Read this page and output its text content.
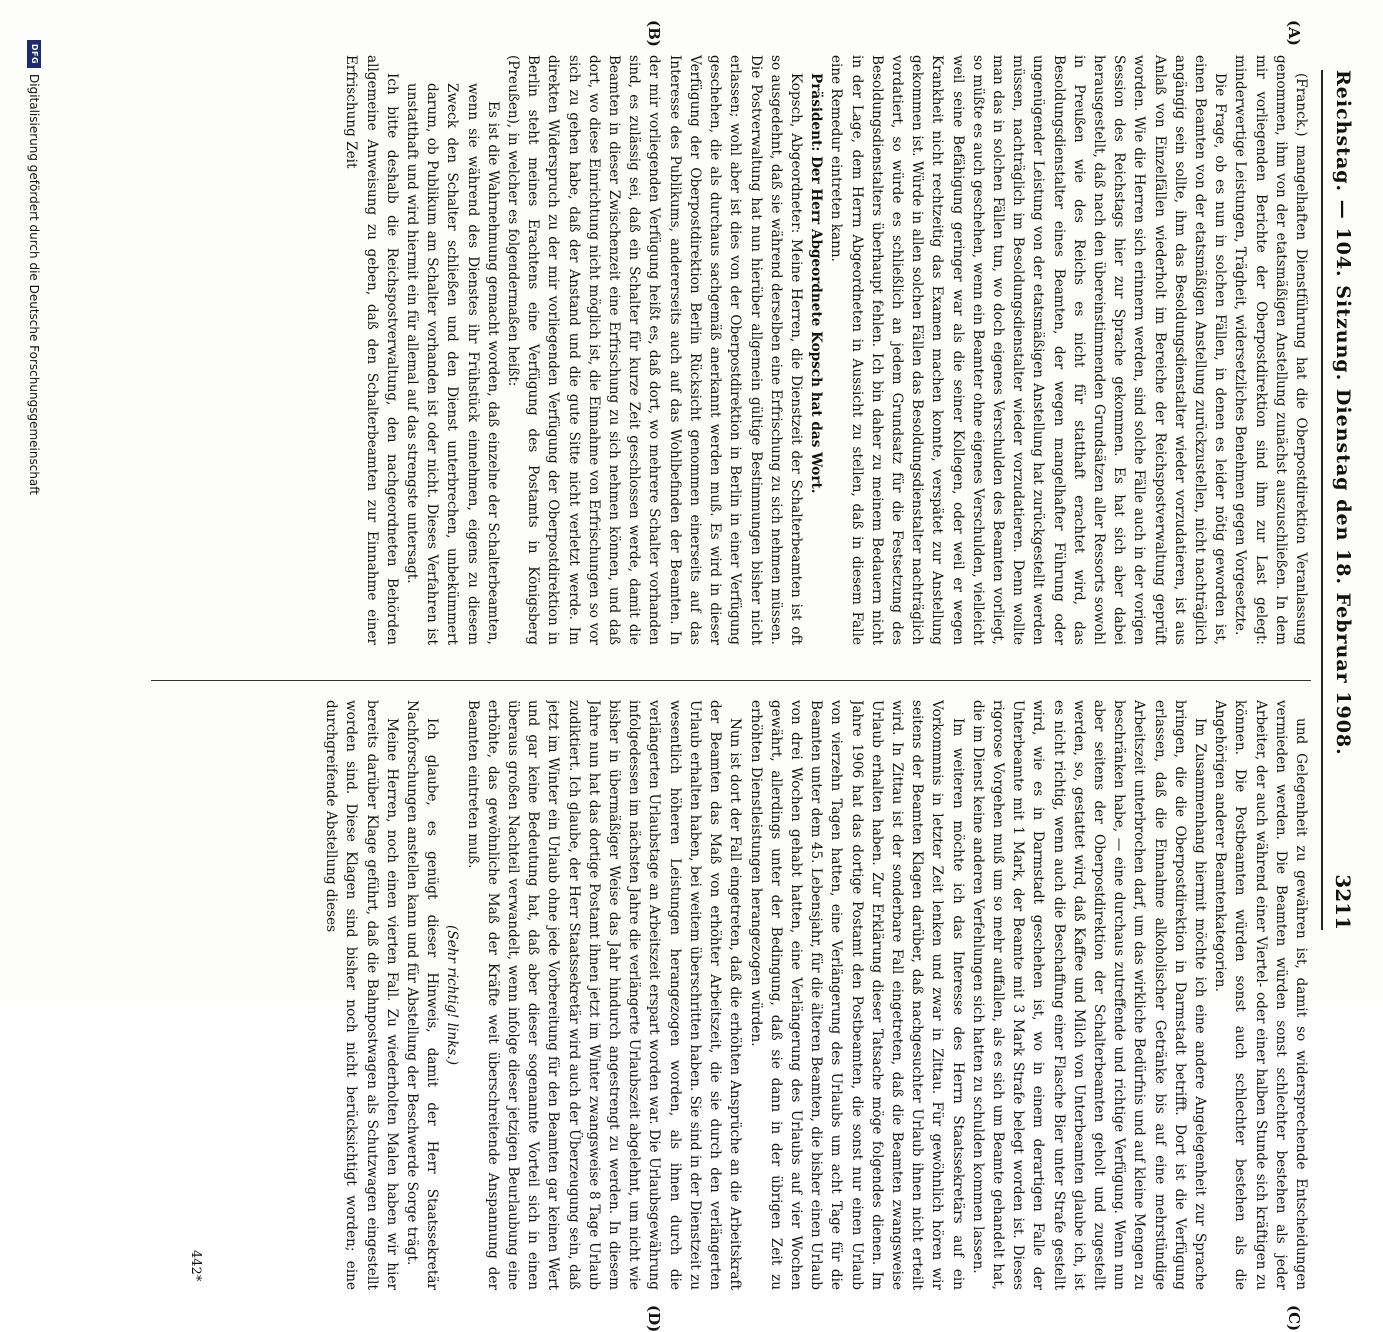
Reichstag. — 104. Sitzung. Dienstag den 18. Februar 1908.
3211
(A)
(B)
(C)
(D)

(Franck.) mangelhaften Dienstführung hat die Oberpostdirektion Veranlassung genommen, ihm von der etatsmäßigen Anstellung zunächst auszuschließen. In dem mir vorliegenden Berichte der Oberpostdirektion sind ihm zur Last gelegt: minderwertige Leistungen, Trägheit, widersetzliches Benehmen gegen Vorgesetzte.

Die Frage, ob es nun in solchen Fällen, in denen es leider nötig geworden ist, einen Beamten von der etatsmäßigen Anstellung zurückzustellen, nicht nachträglich angängig sein sollte, ihm das Besoldungsdienstalter wieder vorzudatieren, ist aus Anlaß von Einzelfällen wiederholt im Bereiche der Reichspostverwaltung geprüft worden. Wie die Herren sich erinnern werden, sind solche Fälle auch in der vorigen Session des Reichstags hier zur Sprache gekommen. Es hat sich aber dabei herausgestellt, daß nach den übereinstimmenden Grundsätzen aller Ressorts sowohl in Preußen wie des Reichs es nicht für statthaft erachtet wird, das Besoldungsdienstalter eines Beamten, der wegen mangelhafter Führung oder ungenügender Leistung von der etatsmäßigen Anstellung hat zurückgestellt werden müssen, nachträglich im Besoldungsdienstalter wieder vorzudatieren. Denn wollte man das in solchen Fällen tun, wo doch eigenes Verschulden des Beamten vorliegt, so müßte es auch geschehen, wenn ein Beamter ohne eigenes Verschulden, vielleicht weil seine Befähigung geringer war als die seiner Kollegen, oder weil er wegen Krankheit nicht rechtzeitig das Examen machen konnte, verspätet zur Anstellung gekommen ist. Würde in allen solchen Fällen das Besoldungsdienstalter nachträglich vordatiert, so würde es schließlich an jedem Grundsatz für die Festsetzung des Besoldungsdienstalters überhaupt fehlen. Ich bin daher zu meinem Bedauern nicht in der Lage, dem Herrn Abgeordneten in Aussicht zu stellen, daß in diesem Falle eine Remedur eintreten kann.

Präsident: Der Herr Abgeordnete Kopsch hat das Wort.

Kopsch, Abgeordneter: Meine Herren, die Dienstzeit der Schalterbeamten ist oft so ausgedehnt, daß sie während derselben eine Erfrischung zu sich nehmen müssen. Die Postverwaltung hat nun hierüber allgemein gültige Bestimmungen bisher nicht erlassen; wohl aber ist dies von der Oberpostdirektion in Berlin in einer Verfügung geschehen, die als durchaus sachgemäß anerkannt werden muß. Es wird in dieser Verfügung der Oberpostdirektion Berlin Rücksicht genommen einerseits auf das Interesse des Publikums, andererseits auch auf das Wohlbefinden der Beamten. In der mir vorliegenden Verfügung heißt es, daß dort, wo mehrere Schalter vorhanden sind, es zulässig sei, daß ein Schalter für kurze Zeit geschlossen werde, damit die Beamten in dieser Zwischenzeit eine Erfrischung zu sich nehmen können, und daß dort, wo diese Einrichtung nicht möglich ist, die Einnahme von Erfrischungen so vor sich zu gehen habe, daß der Anstand und die gute Sitte nicht verletzt werde. Im direkten Widerspruch zu der mir vorliegenden Verfügung der Oberpostdirektion in Berlin steht meines Erachtens eine Verfügung des Postamts in Königsberg (Preußen), in welcher es folgendermaßen heißt:

Es ist die Wahrnehmung gemacht worden, daß einzelne der Schalterbeamten, wenn sie während des Dienstes ihr Frühstück einnehmen, eigens zu diesem Zweck den Schalter schließen und den Dienst unterbrechen, unbekümmert darum, ob Publikum am Schalter vorhanden ist oder nicht. Dieses Verfahren ist unstatthaft und wird hiermit ein für allemal auf das strengste untersagt.

Ich bitte deshalb die Reichspostverwaltung, den nachgeordneten Behörden allgemeine Anweisung zu geben, daß den Schalterbeamten zur Einnahme einer Erfrischung Zeit

und Gelegenheit zu gewähren ist, damit so widersprechende Entscheidungen vermieden werden. Die Beamten würden sonst schlechter bestehen als jeder Arbeiter, der auch während einer Viertel- oder einer halben Stunde sich kräftigen zu können. Die Postbeamten würden sonst auch schlechter bestehen als die Angehörigen anderer Beamtenkategorien.

Im Zusammenhang hiermit möchte ich eine andere Angelegenheit zur Sprache bringen, die die Oberpostdirektion in Darmstadt betrifft. Dort ist die Verfügung erlassen, daß die Einnahme alkoholischer Getränke bis auf eine mehrstündige Arbeitszeit unterbrochen darf, um das wirkliche Bedürfnis und auf kleine Mengen zu beschränken habe, — eine durchaus zutreffende und richtige Verfügung. Wenn nun aber seitens der Oberpostdirektion der Schalterbeamten geholt und zugestellt werden, so, gestattet wird, daß Kaffee und Milch von Unterbeamten glaube ich, ist es nicht richtig, wenn auch die Beschaffung einer Flasche Bier unter Strafe gestellt wird, wie es in Darmstadt geschehen ist, wo in einem derartigen Falle der Unterbeamte mit 1 Mark, der Beamte mit 3 Mark Strafe belegt worden ist. Dieses rigorose Vorgehen muß um so mehr auffallen, als es sich um Beamte gehandelt hat, die im Dienst keine anderen Verfehlungen sich hatten zu schulden kommen lassen.

Im weiteren möchte ich das Interesse des Herrn Staatssekretärs auf ein Vorkommnis in letzter Zeit lenken und zwar in Zittau. Für gewöhnlich hören wir seitens der Beamten Klagen darüber, daß nachgesuchter Urlaub ihnen nicht erteilt wird. In Zittau ist der sonderbare Fall eingetreten, daß die Beamten zwangsweise Urlaub erhalten haben. Zur Erklärung dieser Tatsache möge folgendes dienen. Im Jahre 1906 hat das dortige Postamt den Postbeamten, die sonst nur einen Urlaub von vierzehn Tagen hatten, eine Verlängerung des Urlaubs um acht Tage für die Beamten unter dem 45. Lebensjahr, für die älteren Beamten, die bisher einen Urlaub von drei Wochen gehabt hatten, eine Verlängerung des Urlaubs auf vier Wochen gewährt, allerdings unter der Bedingung, daß sie dann in der übrigen Zeit zu erhöhten Dienstleistungen herangezogen würden.

Nun ist dort der Fall eingetreten, daß die erhöhten Ansprüche an die Arbeitskraft der Beamten das Maß von erhöhter Arbeitszeit, die sie durch den verlängerten Urlaub erhalten haben, bei weitem überschritten haben. Sie sind in der Dienstzeit zu wesentlich höheren Leistungen herangezogen worden, als ihnen durch die verlängerten Urlaubstage an Arbeitszeit erspart worden war. Die Urlaubsgewährung infolgedessen im nächsten Jahre die verlängerte Urlaubszeit abgelehnt, um nicht wie bisher in übermäßiger Weise das Jahr hindurch angestrengt zu werden. In diesem Jahre nun hat das dortige Postamt ihnen jetzt im Winter zwangsweise 8 Tage Urlaub zudiktiert. Ich glaube, der Herr Staatssekretär wird auch der Überzeugung sein, daß jetzt im Winter ein Urlaub ohne jede Vorbereitung für den Beamten gar keinen Wert und gar keine Bedeutung hat, daß aber dieser sogenannte Vorteil sich in einen überaus großen Nachteil verwandelt, wenn infolge dieser jetzigen Beurlaubung eine erhöhte, das gewöhnliche Maß der Kräfte weit überschreitende Anspannung der Beamten eintreten muß.

(Sehr richtig! links.)

Ich glaube, es genügt dieser Hinweis, damit der Herr Staatssekretär Nachforschungen anstellen kann und für Abstellung der Beschwerde Sorge trägt.

Meine Herren, noch einen vierten Fall. Zu wiederholten Malen haben wir hier bereits darüber Klage geführt, daß die Bahnpostwagen als Schutzwagen eingestellt worden sind. Diese Klagen sind bisher noch nicht berücksichtigt worden; eine durchgreifende Abstellung dieses

442*
DFG
Digitalisierung gefördert durch die Deutsche Forschungsgemeinschaft
